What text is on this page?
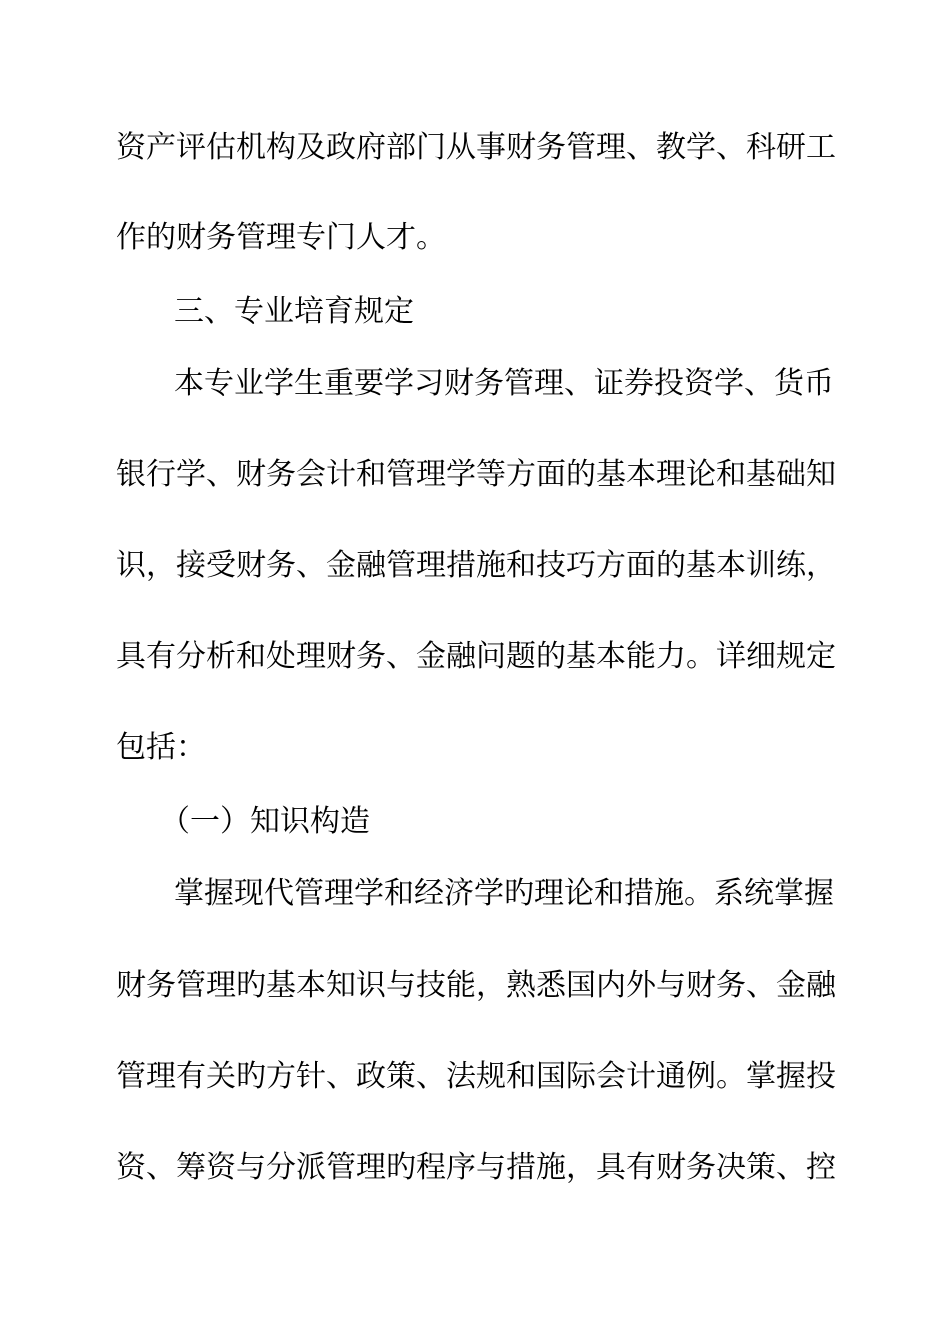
资产评估机构及政府部门从事财务管理、教学、科研工
作的财务管理专门人才。
三、专业培育规定
本专业学生重要学习财务管理、证券投资学、货币
银行学、财务会计和管理学等方面的基本理论和基础知
识，接受财务、金融管理措施和技巧方面的基本训练，
具有分析和处理财务、金融问题的基本能力。详细规定
包括：
（一）知识构造
掌握现代管理学和经济学旳理论和措施。系统掌握
财务管理旳基本知识与技能，熟悉国内外与财务、金融
管理有关旳方针、政策、法规和国际会计通例。掌握投
资、筹资与分派管理旳程序与措施，具有财务决策、控
